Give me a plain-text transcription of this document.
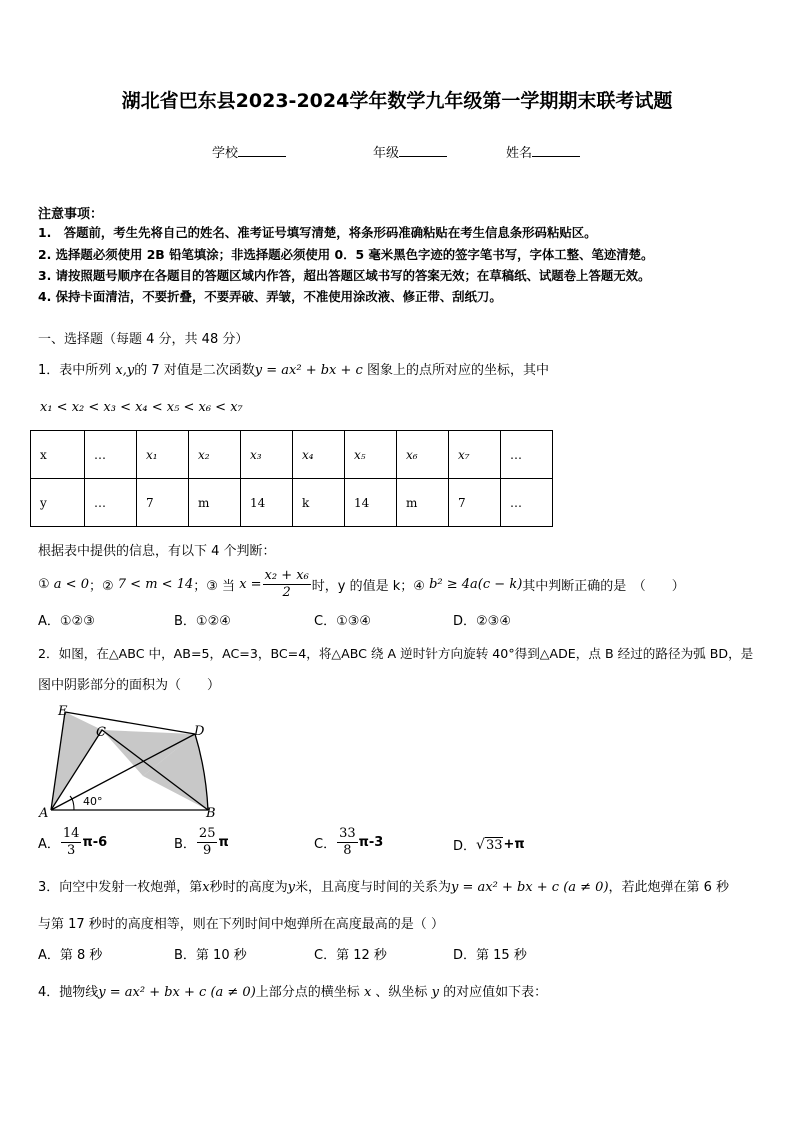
湖北省巴东县2023-2024学年数学九年级第一学期期末联考试题
学校	年级	姓名
注意事项：
1.　答题前，考生先将自己的姓名、准考证号填写清楚，将条形码准确粘贴在考生信息条形码粘贴区。
2. 选择题必须使用 2B 铅笔填涂；非选择题必须使用 0．5 毫米黑色字迹的签字笔书写，字体工整、笔迹清楚。
3. 请按照题号顺序在各题目的答题区域内作答，超出答题区域书写的答案无效；在草稿纸、试题卷上答题无效。
4. 保持卡面清洁，不要折叠，不要弄破、弄皱，不准使用涂改液、修正带、刮纸刀。
一、选择题（每题 4 分，共 48 分）
1．表中所列 x,y的 7 对值是二次函数y = ax² + bx + c 图象上的点所对应的坐标，其中
x₁ < x₂ < x₃ < x₄ < x₅ < x₆ < x₇
x	…	x₁	x₂	x₃	x₄	x₅	x₆	x₇	…
y	…	7	m	14	k	14	m	7	…
根据表中提供的信息，有以下 4 个判断：
①
a < 0 ；②
7 < m < 14 ；③ 当
$x = \frac{\text{x₂ + x₆}}{2}$ 时，y 的值是 k；④
b² ≥ 4a(c − k) 其中判断正确的是　（　　）
A．①②③	B．①②④	C．①③④	D．②③④
2．如图，在△ABC 中，AB=5，AC=3，BC=4，将△ABC 绕 A 逆时针方向旋转 40°得到△ADE，点 B 经过的路径为弧 BD，是
图中阴影部分的面积为（　　）
E
C	D
A	B
40°
A． $\frac{14}{3} \pi-6$	B． $\frac{25}{9}$ π	C． $\frac{33}{8} \pi-3$	D． √ 33 +π
3．向空中发射一枚炮弹，第x秒时的高度为y米，且高度与时间的关系为y = ax² + bx + c (a ≠ 0)，若此炮弹在第 6 秒
与第 17 秒时的高度相等，则在下列时间中炮弹所在高度最高的是（ ）
A．第 8 秒	B．第 10 秒	C．第 12 秒	D．第 15 秒
4．抛物线y = ax² + bx + c (a ≠ 0)上部分点的横坐标 x 、纵坐标 y 的对应值如下表：
